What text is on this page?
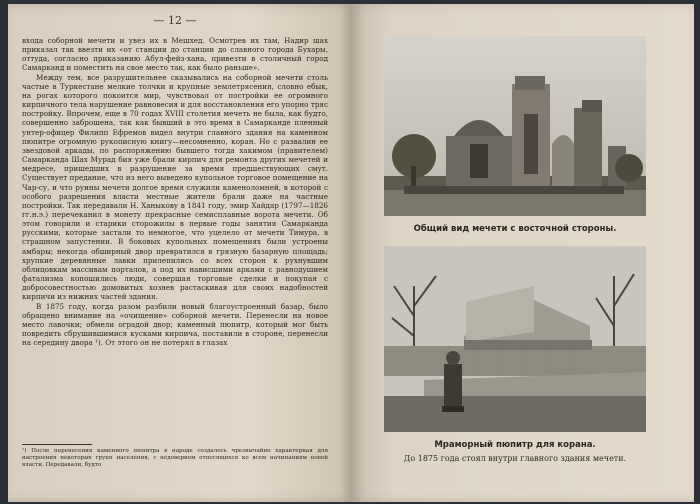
— 12 —

входа соборной мечети и увез их в Мешхед. Осмотрев их там, Надир шах приказал так ввезти их «от станции до станции до славного города Бухары, оттуда, согласно приказанию Абул-фейз-хана, привезти в столичный город Самарканд и поместить на свое место так, как было раньше».

Между тем, все разрушительнее сказывались на соборной мечети столь частые в Туркестане мелкие толчки и крупные землетрясения, словно ебык, на рогах которого покоится мир, чувствовал от постройки ее огромного кирпичного тела нарушение равновесия и для восстановления его упорно тряс постройку. Впрочем, еще в 70 годах XVIII столетия мечеть не была, как будто, совершенно заброшена, так как бывший в это время в Самарканде пленный унтер-офицер Филипп Ефремов видел внутри главного здания на каменном пюпитре огромную рукописную книгу—несомненно, коран. Но с развалин ее звездовой аркады, по распоряжению бывшего тогда хакимом (правителем) Самарканда Шах Мурад бия уже брали кирпич для ремонта других мечетей и медресе, пришедших в разрушение за время предшествующих смут. Существует предание, что из него выведено купольное торговое помещение на Чар-су, и что руины мечети долгое время служили каменоломней, в которой с особого разрешения власти местные жители брали даже на частные постройки. Так передавали Н. Ханыкову в 1841 году, эмир Хайдар (1797—1826 гг.н.э.) перечеканил в монету прекрасные семисплавные ворота мечети. Об этом говорили и старики сторожилы в первые годы занятия Самарканда русскими, которые застали то немногое, что уцелело от мечети Тимура, в страшном запустении. В боковых купольных помещениях были устроены амбары; некогда обширный двор превратился в грязную базарную площадь; хрупкие деревянные лавки прилепились со всех сторон к рухнувшим облицовкам массивам порталов, а под их нависшими арками с равнодушием фатализма копошились люди, совершая торговые сделки и покупая с добросовестностью домовитых хозяев растаскивая для своих надобностей кирпичи из нижних частей здания.

В 1875 году, когда разом разбили новый благоустроенный базар, было обращено внимание на «очищение» соборной мечети. Перенесли на новое место лавочки; обмели оградой двор; каменный пюпитр, который мог быть повредить сбрушившимися кусками кирпича, поставили в стороне, перенесли на середину двора ¹). От этого он не потерял в глазах

¹) После перенесения каменного пюпитра в народе создалось чрезвычайно характерная для настроения некоторых групп населения, с недоверием относящихся ко всем начинаниям новой власти. Передавали, будто
Общий вид мечети с восточной стороны.
Мраморный пюпитр для корана.
До 1875 года стоял внутри главного здания мечети.
